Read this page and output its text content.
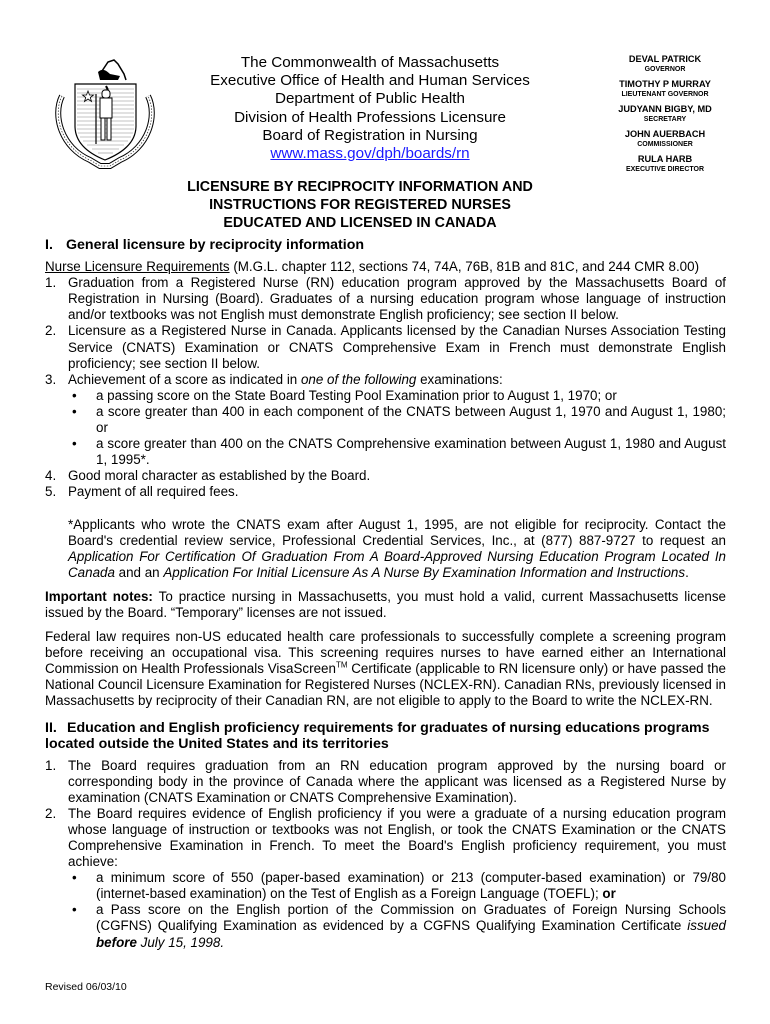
The Commonwealth of Massachusetts
Executive Office of Health and Human Services
Department of Public Health
Division of Health Professions Licensure
Board of Registration in Nursing
www.mass.gov/dph/boards/rn
DEVAL PATRICK
GOVERNOR
TIMOTHY P MURRAY
LIEUTENANT GOVERNOR
JUDYANN BIGBY, MD
SECRETARY
JOHN AUERBACH
COMMISSIONER
RULA HARB
EXECUTIVE DIRECTOR
LICENSURE BY RECIPROCITY INFORMATION AND
INSTRUCTIONS FOR REGISTERED NURSES
EDUCATED AND LICENSED IN CANADA
I. General licensure by reciprocity information

Nurse Licensure Requirements (M.G.L. chapter 112, sections 74, 74A, 76B, 81B and 81C, and 244 CMR 8.00)

1. Graduation from a Registered Nurse (RN) education program approved by the Massachusetts Board of Registration in Nursing (Board). Graduates of a nursing education program whose language of instruction and/or textbooks was not English must demonstrate English proficiency; see section II below.
2. Licensure as a Registered Nurse in Canada. Applicants licensed by the Canadian Nurses Association Testing Service (CNATS) Examination or CNATS Comprehensive Exam in French must demonstrate English proficiency; see section II below.
3. Achievement of a score as indicated in one of the following examinations:
•	a passing score on the State Board Testing Pool Examination prior to August 1, 1970; or
•	a score greater than 400 in each component of the CNATS between August 1, 1970 and August 1, 1980; or
•	a score greater than 400 on the CNATS Comprehensive examination between August 1, 1980 and August 1, 1995*.
4. Good moral character as established by the Board.
5. Payment of all required fees.

*Applicants who wrote the CNATS exam after August 1, 1995, are not eligible for reciprocity. Contact the Board's credential review service, Professional Credential Services, Inc., at (877) 887-9727 to request an Application For Certification Of Graduation From A Board-Approved Nursing Education Program Located In Canada and an Application For Initial Licensure As A Nurse By Examination Information and Instructions.

Important notes: To practice nursing in Massachusetts, you must hold a valid, current Massachusetts license issued by the Board. “Temporary” licenses are not issued.

Federal law requires non-US educated health care professionals to successfully complete a screening program before receiving an occupational visa. This screening requires nurses to have earned either an International Commission on Health Professionals VisaScreen™ Certificate (applicable to RN licensure only) or have passed the National Council Licensure Examination for Registered Nurses (NCLEX-RN). Canadian RNs, previously licensed in Massachusetts by reciprocity of their Canadian RN, are not eligible to apply to the Board to write the NCLEX-RN.

II. Education and English proficiency requirements for graduates of nursing educations programs located outside the United States and its territories
1. The Board requires graduation from an RN education program approved by the nursing board or corresponding body in the province of Canada where the applicant was licensed as a Registered Nurse by examination (CNATS Examination or CNATS Comprehensive Examination).
2. The Board requires evidence of English proficiency if you were a graduate of a nursing education program whose language of instruction or textbooks was not English, or took the CNATS Examination or the CNATS Comprehensive Examination in French. To meet the Board's English proficiency requirement, you must achieve:
•	a minimum score of 550 (paper-based examination) or 213 (computer-based examination) or 79/80 (internet-based examination) on the Test of English as a Foreign Language (TOEFL); or
•	a Pass score on the English portion of the Commission on Graduates of Foreign Nursing Schools (CGFNS) Qualifying Examination as evidenced by a CGFNS Qualifying Examination Certificate issued before July 15, 1998.
Revised 06/03/10
